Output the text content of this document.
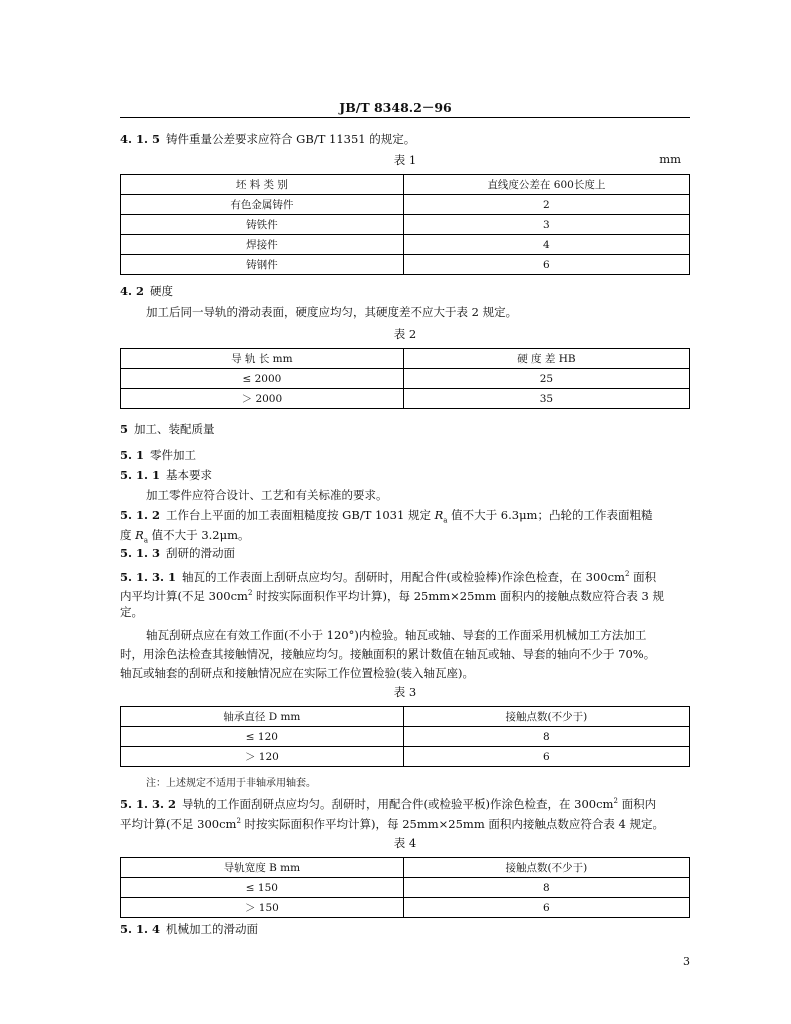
JB/T 8348.2－96
4. 1. 5 铸件重量公差要求应符合 GB/T 11351 的规定。
表 1	mm
坯 料 类 别	直线度公差在 600长度上
有色金属铸件	2
铸铁件	3
焊接件	4
铸钢件	6
4. 2 硬度
加工后同一导轨的滑动表面，硬度应均匀，其硬度差不应大于表 2 规定。
表 2
导 轨 长 mm	硬 度 差 HB
≤ 2000	25
＞ 2000	35
5 加工、装配质量
5. 1 零件加工
5. 1. 1 基本要求
加工零件应符合设计、工艺和有关标准的要求。
5. 1. 2 工作台上平面的加工表面粗糙度按 GB/T 1031 规定 $R_a$ 值不大于 6.3μm；凸轮的工作表面粗糙
度 $R_a$ 值不大于 3.2μm。
5. 1. 3 刮研的滑动面
5. 1. 3. 1 轴瓦的工作表面上刮研点应均匀。刮研时，用配合件(或检验棒)作涂色检查，在 $300cm^2$ 面积
内平均计算(不足 $300cm^2$ 时按实际面积作平均计算)，每 25mm×25mm 面积内的接触点数应符合表 3 规
定。
轴瓦刮研点应在有效工作面(不小于 120°)内检验。轴瓦或轴、导套的工作面采用机械加工方法加工
时，用涂色法检查其接触情况，接触应均匀。接触面积的累计数值在轴瓦或轴、导套的轴向不少于 70%。
轴瓦或轴套的刮研点和接触情况应在实际工作位置检验(装入轴瓦座)。
表 3
轴承直径 D mm	接触点数(不少于)
≤ 120	8
＞ 120	6
注：上述规定不适用于非轴承用轴套。
5. 1. 3. 2 导轨的工作面刮研点应均匀。刮研时，用配合件(或检验平板)作涂色检查，在 $300cm^2$ 面积内
平均计算(不足 $300cm^2$ 时按实际面积作平均计算)，每 25mm×25mm 面积内接触点数应符合表 4 规定。
表 4
导轨宽度 B mm	接触点数(不少于)
≤ 150	8
＞ 150	6
5. 1. 4 机械加工的滑动面
3
